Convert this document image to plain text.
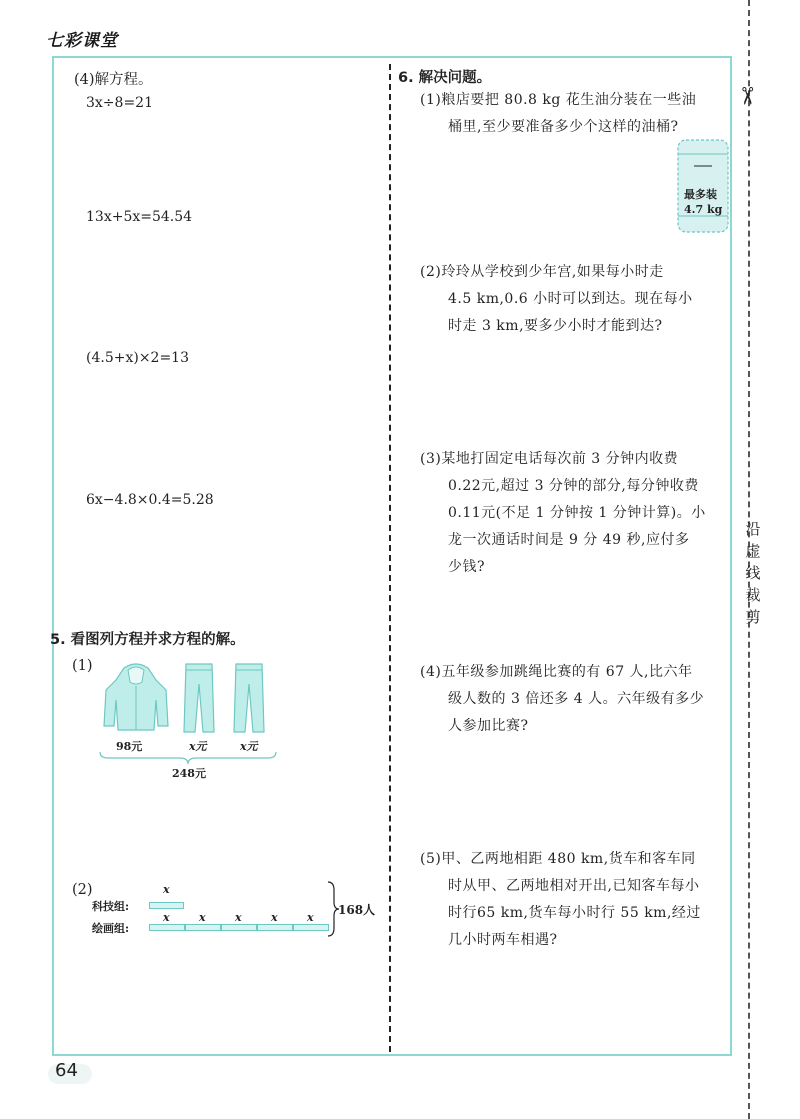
七彩课堂
✂
沿
虚
线
裁
剪
(4)解方程。
3x÷8=21
13x+5x=54.54
(4.5+x)×2=13
6x−4.8×0.4=5.28
5. 看图列方程并求方程的解。
(1)
98元	x元	x元
248元
(2)
科技组:
绘画组:
x
x	x	x	x	x
168人
6. 解决问题。
(1)粮店要把 80.8 kg 花生油分装在一些油
桶里,至少要准备多少个这样的油桶?
最多装
4.7 kg
(2)玲玲从学校到少年宫,如果每小时走
4.5 km,0.6 小时可以到达。现在每小
时走 3 km,要多少小时才能到达?
(3)某地打固定电话每次前 3 分钟内收费
0.22元,超过 3 分钟的部分,每分钟收费
0.11元(不足 1 分钟按 1 分钟计算)。小
龙一次通话时间是 9 分 49 秒,应付多
少钱?
(4)五年级参加跳绳比赛的有 67 人,比六年
级人数的 3 倍还多 4 人。六年级有多少
人参加比赛?
(5)甲、乙两地相距 480 km,货车和客车同
时从甲、乙两地相对开出,已知客车每小
时行65 km,货车每小时行 55 km,经过
几小时两车相遇?
64
